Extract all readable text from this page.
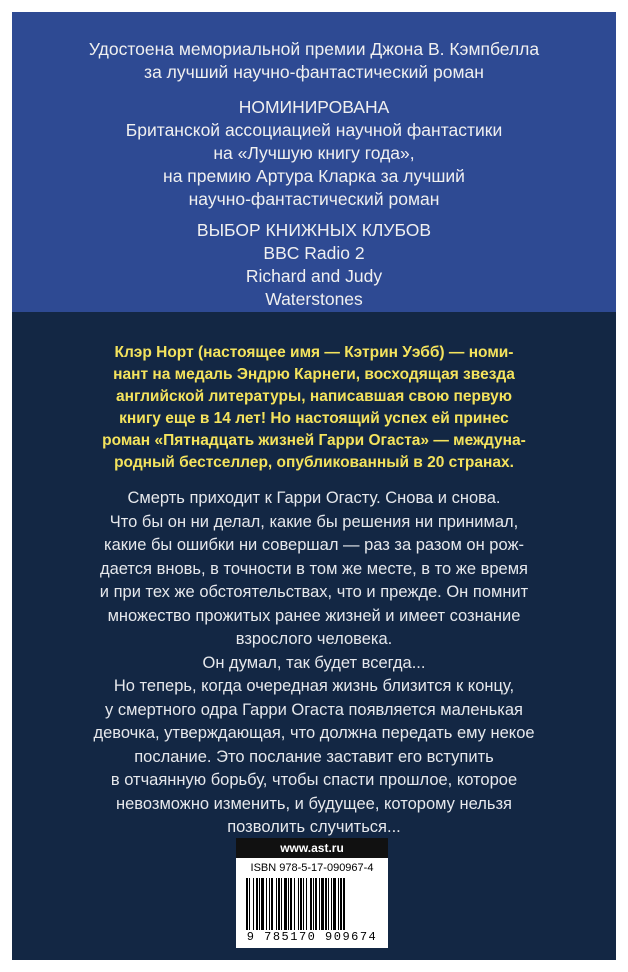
Удостоена мемориальной премии Джона В. Кэмпбелла
за лучший научно-фантастический роман
НОМИНИРОВАНА
Британской ассоциацией научной фантастики
на «Лучшую книгу года»,
на премию Артура Кларка за лучший
научно-фантастический роман
ВЫБОР КНИЖНЫХ КЛУБОВ
BBC Radio 2
Richard and Judy
Waterstones
Клэр Норт (настоящее имя — Кэтрин Уэбб) — номи-
нант на медаль Эндрю Карнеги, восходящая звезда
английской литературы, написавшая свою первую
книгу еще в 14 лет! Но настоящий успех ей принес
роман «Пятнадцать жизней Гарри Огаста» — междуна-
родный бестселлер, опубликованный в 20 странах.
Смерть приходит к Гарри Огасту. Снова и снова.
Что бы он ни делал, какие бы решения ни принимал,
какие бы ошибки ни совершал — раз за разом он рож-
дается вновь, в точности в том же месте, в то же время
и при тех же обстоятельствах, что и прежде. Он помнит
множество прожитых ранее жизней и имеет сознание
взрослого человека.
Он думал, так будет всегда...
Но теперь, когда очередная жизнь близится к концу,
у смертного одра Гарри Огаста появляется маленькая
девочка, утверждающая, что должна передать ему некое
послание. Это послание заставит его вступить
в отчаянную борьбу, чтобы спасти прошлое, которое
невозможно изменить, и будущее, которому нельзя
позволить случиться...
www.ast.ru
ISBN 978-5-17-090967-4
9 785170 909674
